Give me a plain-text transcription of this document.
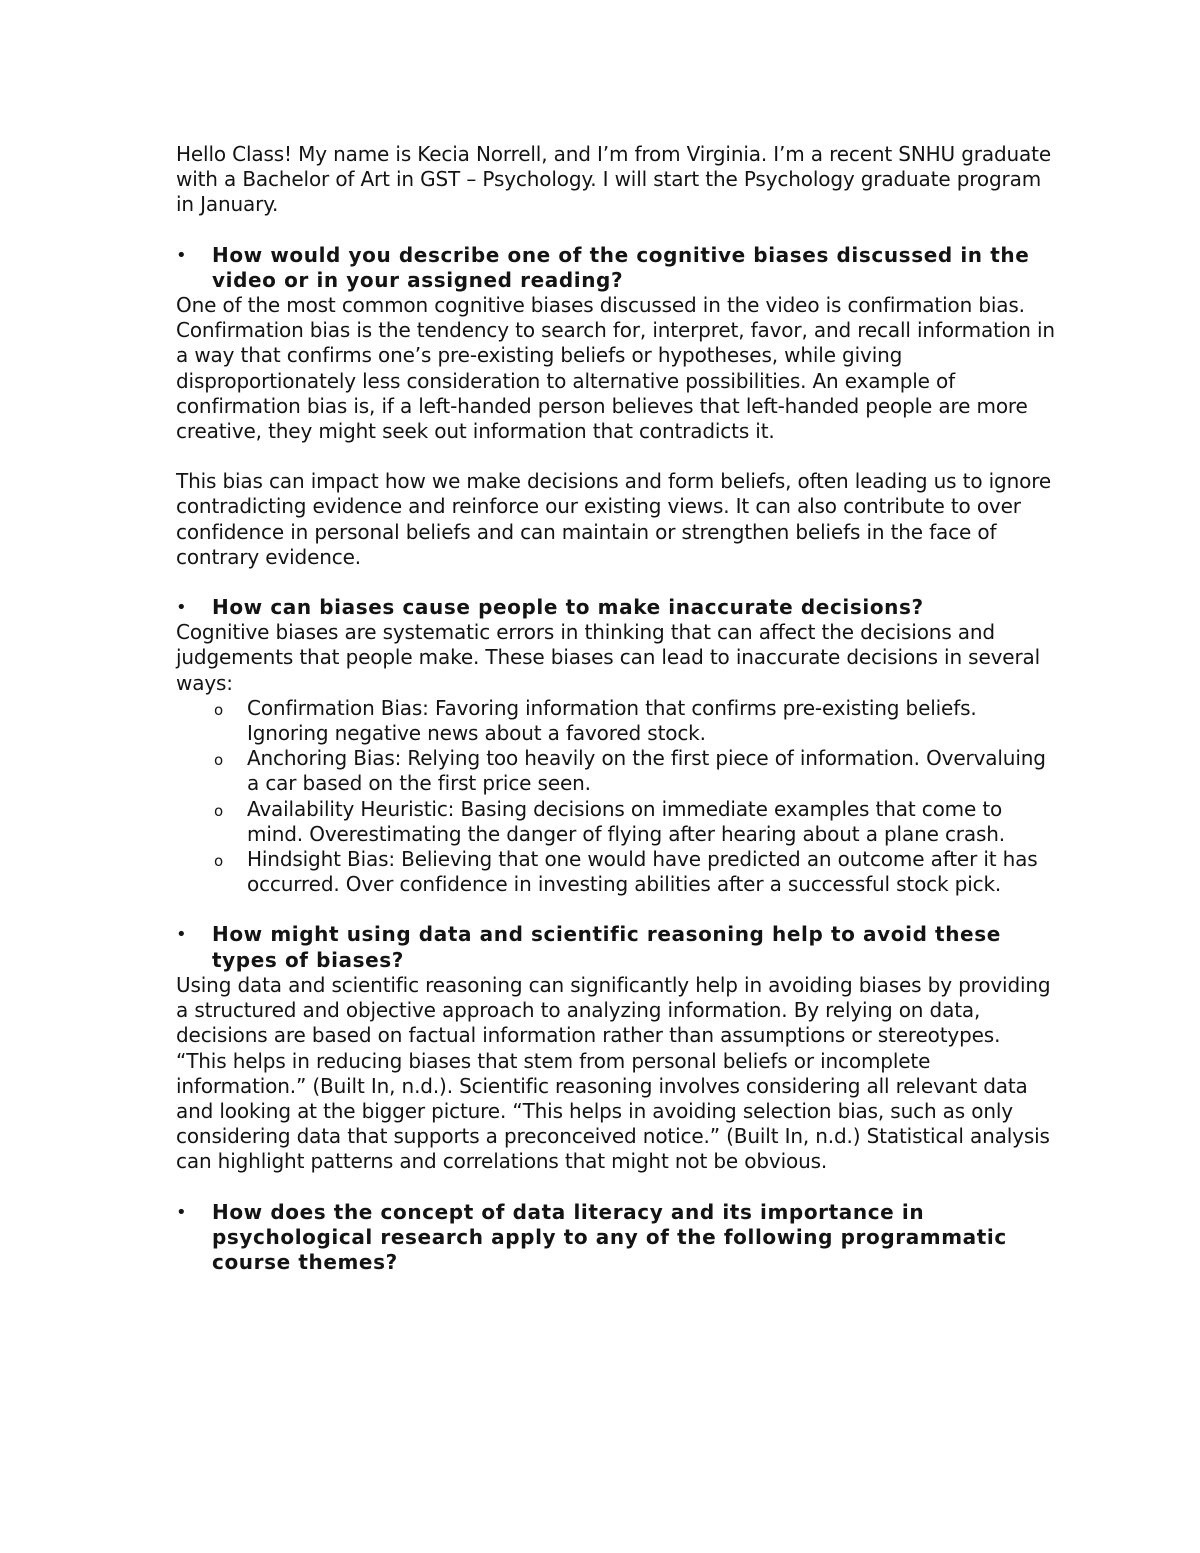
Hello Class! My name is Kecia Norrell, and I’m from Virginia. I’m a recent SNHU graduate with a Bachelor of Art in GST – Psychology. I will start the Psychology graduate program in January.

• How would you describe one of the cognitive biases discussed in the video or in your assigned reading?

One of the most common cognitive biases discussed in the video is confirmation bias. Confirmation bias is the tendency to search for, interpret, favor, and recall information in a way that confirms one’s pre-existing beliefs or hypotheses, while giving disproportionately less consideration to alternative possibilities. An example of confirmation bias is, if a left-handed person believes that left-handed people are more creative, they might seek out information that contradicts it.

This bias can impact how we make decisions and form beliefs, often leading us to ignore contradicting evidence and reinforce our existing views. It can also contribute to over confidence in personal beliefs and can maintain or strengthen beliefs in the face of contrary evidence.

• How can biases cause people to make inaccurate decisions?

Cognitive biases are systematic errors in thinking that can affect the decisions and judgements that people make. These biases can lead to inaccurate decisions in several ways:

o Confirmation Bias: Favoring information that confirms pre-existing beliefs. Ignoring negative news about a favored stock.
o Anchoring Bias: Relying too heavily on the first piece of information. Overvaluing a car based on the first price seen.
o Availability Heuristic: Basing decisions on immediate examples that come to mind. Overestimating the danger of flying after hearing about a plane crash.
o Hindsight Bias: Believing that one would have predicted an outcome after it has occurred. Over confidence in investing abilities after a successful stock pick.

• How might using data and scientific reasoning help to avoid these types of biases?

Using data and scientific reasoning can significantly help in avoiding biases by providing a structured and objective approach to analyzing information. By relying on data, decisions are based on factual information rather than assumptions or stereotypes. “This helps in reducing biases that stem from personal beliefs or incomplete information.” (Built In, n.d.). Scientific reasoning involves considering all relevant data and looking at the bigger picture. “This helps in avoiding selection bias, such as only considering data that supports a preconceived notice.” (Built In, n.d.) Statistical analysis can highlight patterns and correlations that might not be obvious.

• How does the concept of data literacy and its importance in psychological research apply to any of the following programmatic course themes?
